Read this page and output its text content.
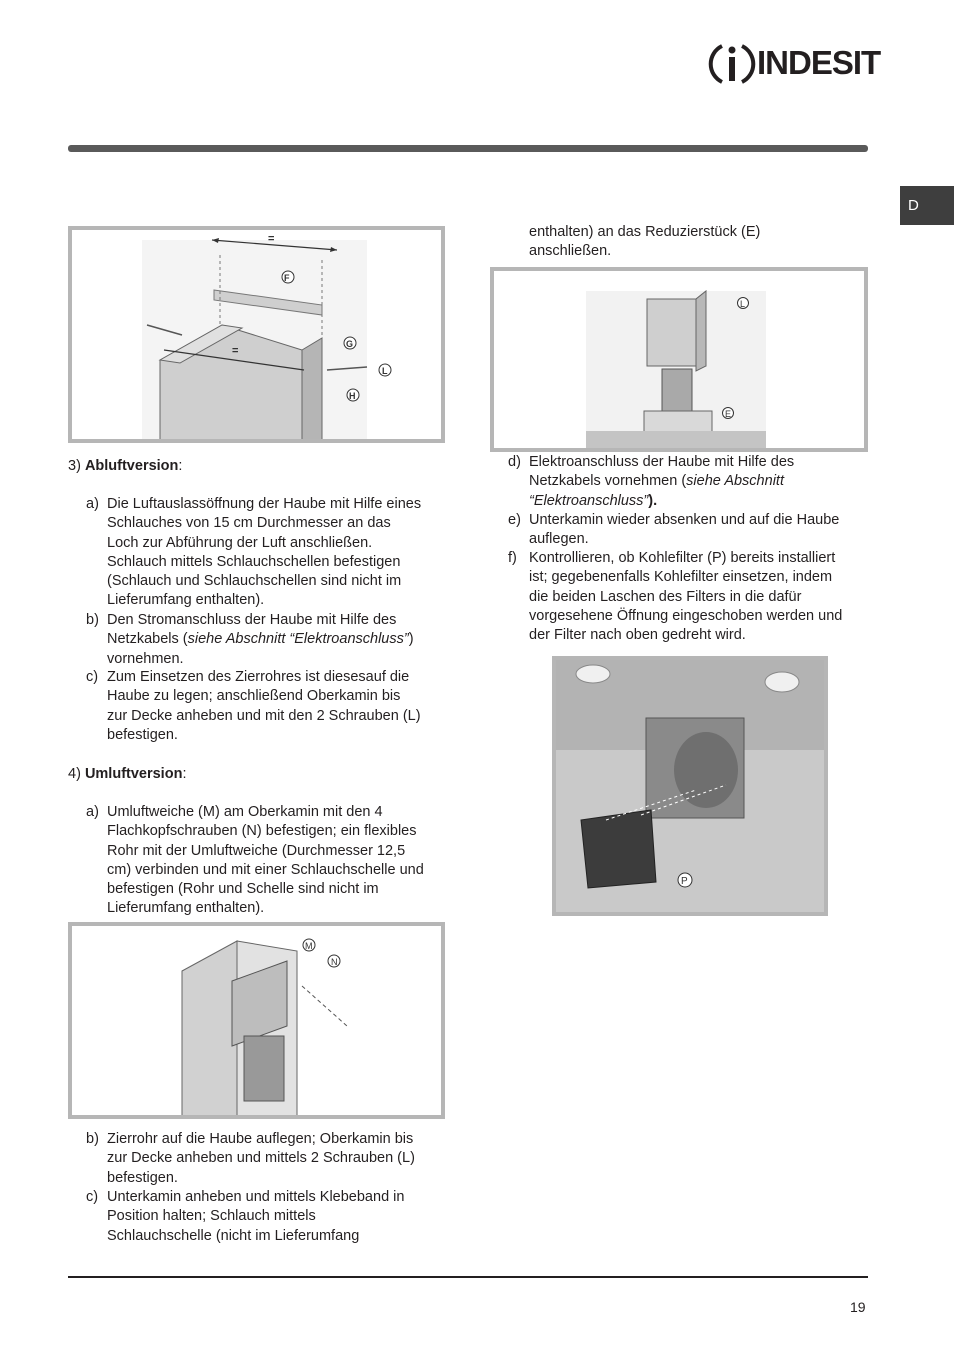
INDESIT
D
=
=
F
G
L
H
L
E
M
N
P
3) Abluftversion:
a) Die Luftauslassöffnung der Haube mit Hilfe eines
Schlauches von 15 cm Durchmesser an das
Loch zur Abführung der Luft anschließen.
Schlauch mittels Schlauchschellen befestigen
(Schlauch und Schlauchschellen sind nicht im
Lieferumfang enthalten).
b) Den Stromanschluss der Haube mit Hilfe des
Netzkabels (siehe Abschnitt “Elektroanschluss”)
vornehmen.
c) Zum Einsetzen des Zierrohres ist diesesauf die
Haube zu legen; anschließend Oberkamin bis
zur Decke anheben und mit den 2 Schrauben (L)
befestigen.
4) Umluftversion:
a) Umluftweiche (M) am Oberkamin mit den 4
Flachkopfschrauben (N) befestigen; ein flexibles
Rohr mit der Umluftweiche (Durchmesser 12,5
cm) verbinden und mit einer Schlauchschelle und
befestigen (Rohr und Schelle sind nicht im
Lieferumfang enthalten).
b) Zierrohr auf die Haube auflegen; Oberkamin bis
zur Decke anheben und mittels 2 Schrauben (L)
befestigen.
c) Unterkamin anheben und mittels Klebeband in
Position halten; Schlauch mittels
Schlauchschelle (nicht im Lieferumfang
enthalten) an das Reduzierstück (E)
anschließen.
d) Elektroanschluss der Haube mit Hilfe des
Netzkabels vornehmen (siehe Abschnitt
“Elektroanschluss”).
e) Unterkamin wieder absenken und auf die Haube
auflegen.
f) Kontrollieren, ob Kohlefilter (P) bereits installiert
ist; gegebenenfalls Kohlefilter einsetzen, indem
die beiden Laschen des Filters in die dafür
vorgesehene Öffnung eingeschoben werden und
der Filter nach oben gedreht wird.
19
